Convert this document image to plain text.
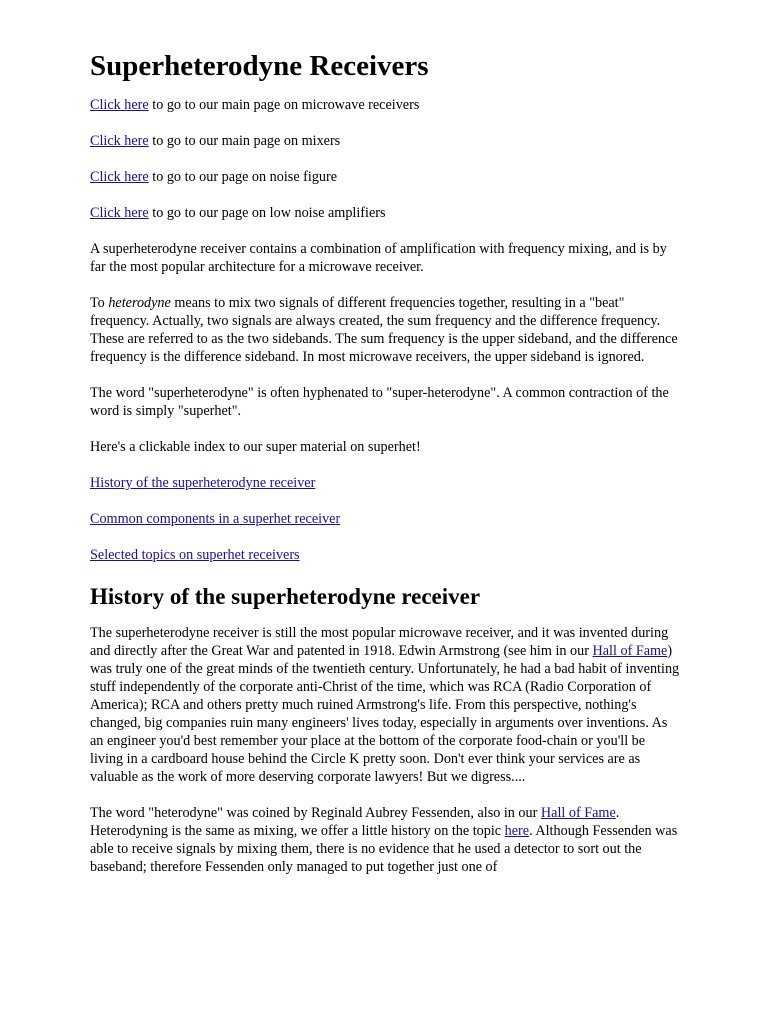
Superheterodyne Receivers

Click here to go to our main page on microwave receivers

Click here to go to our main page on mixers

Click here to go to our page on noise figure

Click here to go to our page on low noise amplifiers

A superheterodyne receiver contains a combination of amplification with frequency mixing, and is by far the most popular architecture for a microwave receiver.

To heterodyne means to mix two signals of different frequencies together, resulting in a "beat" frequency. Actually, two signals are always created, the sum frequency and the difference frequency. These are referred to as the two sidebands. The sum frequency is the upper sideband, and the difference frequency is the difference sideband. In most microwave receivers, the upper sideband is ignored.

The word "superheterodyne" is often hyphenated to "super-heterodyne". A common contraction of the word is simply "superhet".

Here's a clickable index to our super material on superhet!

History of the superheterodyne receiver

Common components in a superhet receiver

Selected topics on superhet receivers

History of the superheterodyne receiver

The superheterodyne receiver is still the most popular microwave receiver, and it was invented during and directly after the Great War and patented in 1918. Edwin Armstrong (see him in our Hall of Fame) was truly one of the great minds of the twentieth century. Unfortunately, he had a bad habit of inventing stuff independently of the corporate anti-Christ of the time, which was RCA (Radio Corporation of America); RCA and others pretty much ruined Armstrong's life. From this perspective, nothing's changed, big companies ruin many engineers' lives today, especially in arguments over inventions. As an engineer you'd best remember your place at the bottom of the corporate food-chain or you'll be living in a cardboard house behind the Circle K pretty soon. Don't ever think your services are as valuable as the work of more deserving corporate lawyers! But we digress....

The word "heterodyne" was coined by Reginald Aubrey Fessenden, also in our Hall of Fame. Heterodyning is the same as mixing, we offer a little history on the topic here. Although Fessenden was able to receive signals by mixing them, there is no evidence that he used a detector to sort out the baseband; therefore Fessenden only managed to put together just one of
